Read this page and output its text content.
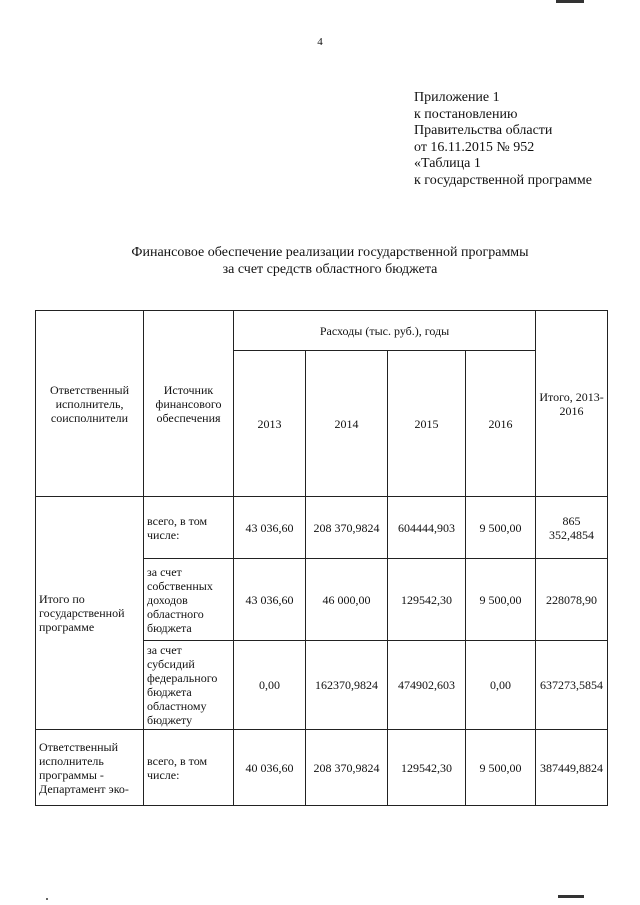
4
Приложение 1
к постановлению
Правительства области
от 16.11.2015 № 952
«Таблица 1
к государственной программе
Финансовое обеспечение реализации государственной программы
за счет средств областного бюджета
Ответственный исполнитель, соисполнители	Источник финансового обеспечения	Расходы (тыс. руб.), годы				Итого, 2013-2016
		2013	2014	2015	2016	
Итого по государственной программе	всего, в том числе:	43 036,60	208 370,9824	604444,903	9 500,00	865 352,4854
	за счет собственных доходов областного бюджета	43 036,60	46 000,00	129542,30	9 500,00	228078,90
	за счет субсидий федерального бюджета областному бюджету	0,00	162370,9824	474902,603	0,00	637273,5854
Ответственный исполнитель программы - Департамент эко-	всего, в том числе:	40 036,60	208 370,9824	129542,30	9 500,00	387449,8824
